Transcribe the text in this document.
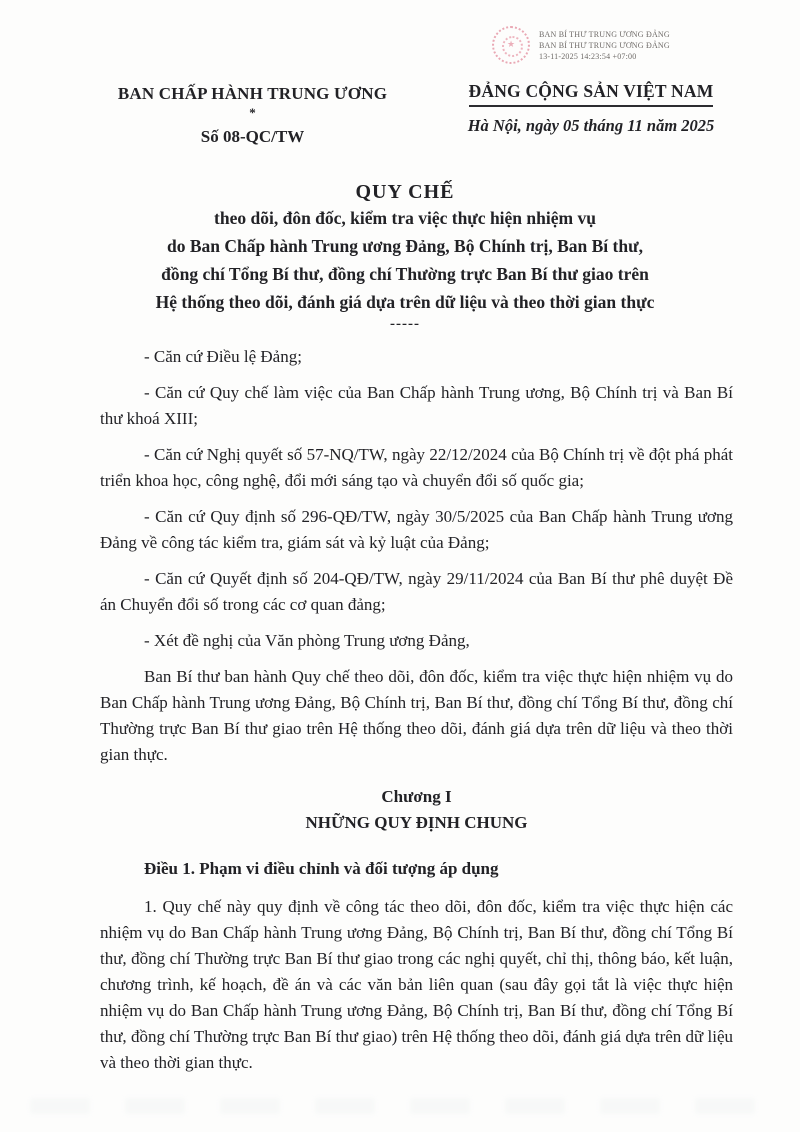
★
BAN BÍ THƯ TRUNG ƯƠNG ĐẢNG
BAN BÍ THƯ TRUNG ƯƠNG ĐẢNG
13-11-2025 14:23:54 +07:00
BAN CHẤP HÀNH TRUNG ƯƠNG
*
Số 08-QC/TW
ĐẢNG CỘNG SẢN VIỆT NAM
Hà Nội, ngày 05 tháng 11 năm 2025
QUY CHẾ
theo dõi, đôn đốc, kiểm tra việc thực hiện nhiệm vụ
do Ban Chấp hành Trung ương Đảng, Bộ Chính trị, Ban Bí thư,
đồng chí Tổng Bí thư, đồng chí Thường trực Ban Bí thư giao trên
Hệ thống theo dõi, đánh giá dựa trên dữ liệu và theo thời gian thực
-----

- Căn cứ Điều lệ Đảng;

- Căn cứ Quy chế làm việc của Ban Chấp hành Trung ương, Bộ Chính trị và Ban Bí thư khoá XIII;

- Căn cứ Nghị quyết số 57-NQ/TW, ngày 22/12/2024 của Bộ Chính trị về đột phá phát triển khoa học, công nghệ, đổi mới sáng tạo và chuyển đổi số quốc gia;

- Căn cứ Quy định số 296-QĐ/TW, ngày 30/5/2025 của Ban Chấp hành Trung ương Đảng về công tác kiểm tra, giám sát và kỷ luật của Đảng;

- Căn cứ Quyết định số 204-QĐ/TW, ngày 29/11/2024 của Ban Bí thư phê duyệt Đề án Chuyển đổi số trong các cơ quan đảng;

- Xét đề nghị của Văn phòng Trung ương Đảng,

Ban Bí thư ban hành Quy chế theo dõi, đôn đốc, kiểm tra việc thực hiện nhiệm vụ do Ban Chấp hành Trung ương Đảng, Bộ Chính trị, Ban Bí thư, đồng chí Tổng Bí thư, đồng chí Thường trực Ban Bí thư giao trên Hệ thống theo dõi, đánh giá dựa trên dữ liệu và theo thời gian thực.

Chương I
NHỮNG QUY ĐỊNH CHUNG
Điều 1. Phạm vi điều chỉnh và đối tượng áp dụng

1. Quy chế này quy định về công tác theo dõi, đôn đốc, kiểm tra việc thực hiện các nhiệm vụ do Ban Chấp hành Trung ương Đảng, Bộ Chính trị, Ban Bí thư, đồng chí Tổng Bí thư, đồng chí Thường trực Ban Bí thư giao trong các nghị quyết, chỉ thị, thông báo, kết luận, chương trình, kế hoạch, đề án và các văn bản liên quan (sau đây gọi tắt là việc thực hiện nhiệm vụ do Ban Chấp hành Trung ương Đảng, Bộ Chính trị, Ban Bí thư, đồng chí Tổng Bí thư, đồng chí Thường trực Ban Bí thư giao) trên Hệ thống theo dõi, đánh giá dựa trên dữ liệu và theo thời gian thực.
